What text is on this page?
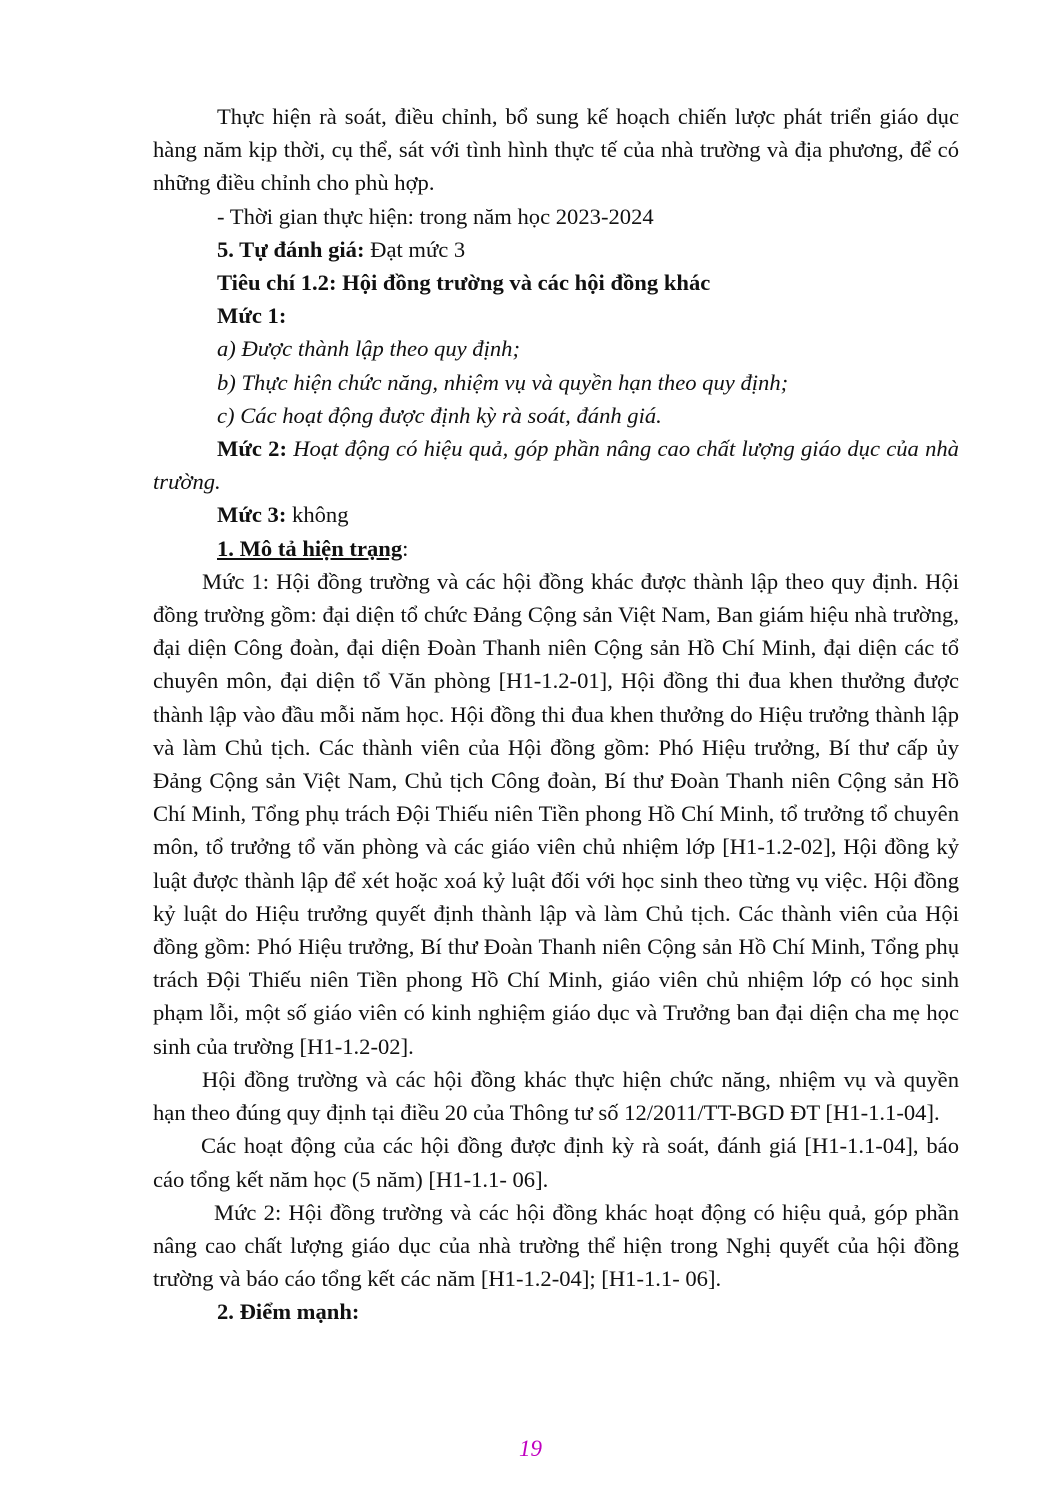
Thực hiện rà soát, điều chỉnh, bổ sung kế hoạch chiến lược phát triển giáo dục hàng năm kịp thời, cụ thể, sát với tình hình thực tế của nhà trường và địa phương, để có những điều chỉnh cho phù hợp.

- Thời gian thực hiện: trong năm học 2023-2024

5. Tự đánh giá: Đạt mức 3

Tiêu chí 1.2: Hội đồng trường và các hội đồng khác

Mức 1:

a) Được thành lập theo quy định;

b) Thực hiện chức năng, nhiệm vụ và quyền hạn theo quy định;

c) Các hoạt động được định kỳ rà soát, đánh giá.

Mức 2: Hoạt động có hiệu quả, góp phần nâng cao chất lượng giáo dục của nhà trường.

Mức 3: không

1. Mô tả hiện trạng:

Mức 1: Hội đồng trường và các hội đồng khác được thành lập theo quy định. Hội đồng trường gồm: đại diện tổ chức Đảng Cộng sản Việt Nam, Ban giám hiệu nhà trường, đại diện Công đoàn, đại diện Đoàn Thanh niên Cộng sản Hồ Chí Minh, đại diện các tổ chuyên môn, đại diện tổ Văn phòng [H1-1.2-01], Hội đồng thi đua khen thưởng được thành lập vào đầu mỗi năm học. Hội đồng thi đua khen thưởng do Hiệu trưởng thành lập và làm Chủ tịch. Các thành viên của Hội đồng gồm: Phó Hiệu trưởng, Bí thư cấp ủy Đảng Cộng sản Việt Nam, Chủ tịch Công đoàn, Bí thư Đoàn Thanh niên Cộng sản Hồ Chí Minh, Tổng phụ trách Đội Thiếu niên Tiền phong Hồ Chí Minh, tổ trưởng tổ chuyên môn, tổ trưởng tổ văn phòng và các giáo viên chủ nhiệm lớp [H1-1.2-02], Hội đồng kỷ luật được thành lập để xét hoặc xoá kỷ luật đối với học sinh theo từng vụ việc. Hội đồng kỷ luật do Hiệu trưởng quyết định thành lập và làm Chủ tịch. Các thành viên của Hội đồng gồm: Phó Hiệu trưởng, Bí thư Đoàn Thanh niên Cộng sản Hồ Chí Minh, Tổng phụ trách Đội Thiếu niên Tiền phong Hồ Chí Minh, giáo viên chủ nhiệm lớp có học sinh phạm lỗi, một số giáo viên có kinh nghiệm giáo dục và Trưởng ban đại diện cha mẹ học sinh của trường [H1-1.2-02].

Hội đồng trường và các hội đồng khác thực hiện chức năng, nhiệm vụ và quyền hạn theo đúng quy định tại điều 20 của Thông tư số 12/2011/TT-BGD ĐT [H1-1.1-04].

Các hoạt động của các hội đồng được định kỳ rà soát, đánh giá [H1-1.1-04], báo cáo tổng kết năm học (5 năm) [H1-1.1- 06].

Mức 2: Hội đồng trường và các hội đồng khác hoạt động có hiệu quả, góp phần nâng cao chất lượng giáo dục của nhà trường thể hiện trong Nghị quyết của hội đồng trường và báo cáo tổng kết các năm [H1-1.2-04]; [H1-1.1- 06].

2. Điểm mạnh:

19
